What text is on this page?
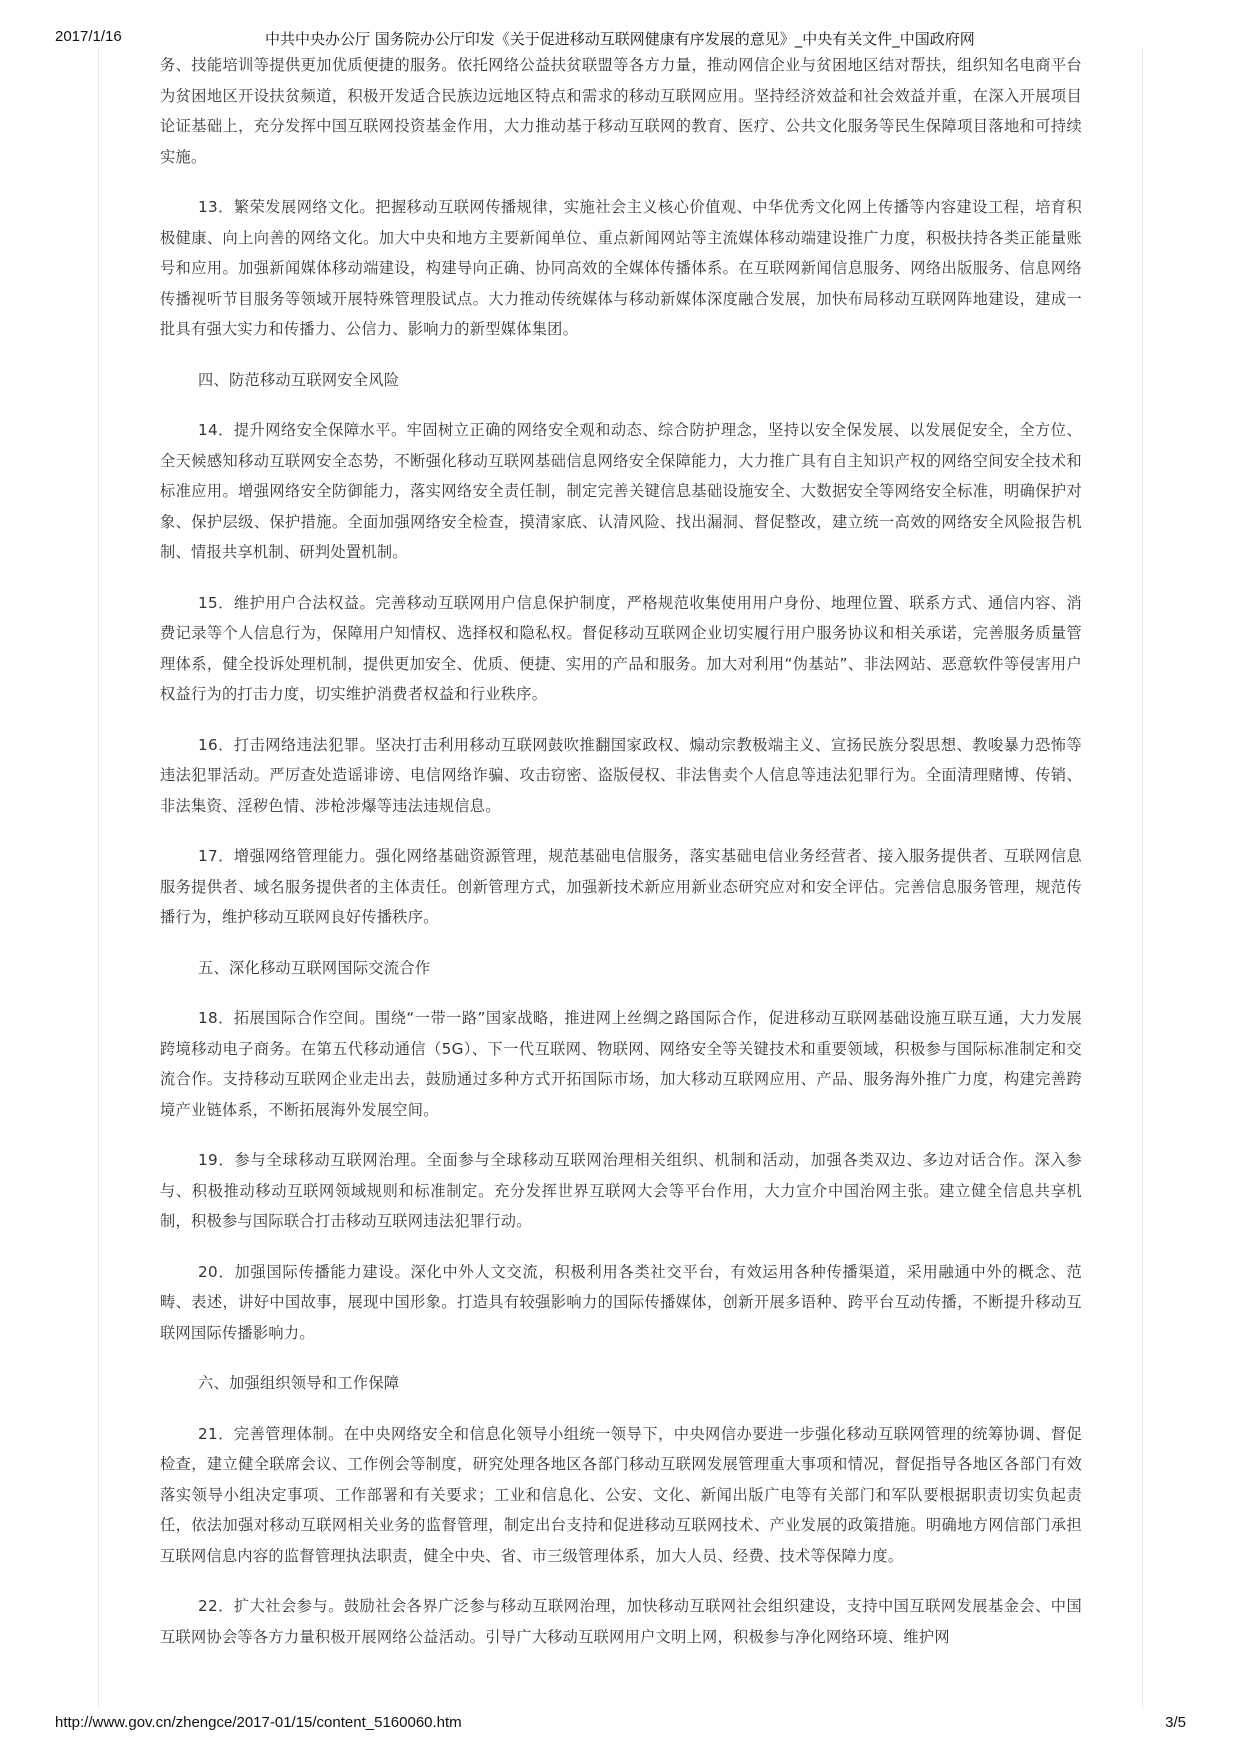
2017/1/16	中共中央办公厅 国务院办公厅印发《关于促进移动互联网健康有序发展的意见》_中央有关文件_中国政府网

务、技能培训等提供更加优质便捷的服务。依托网络公益扶贫联盟等各方力量，推动网信企业与贫困地区结对帮扶，组织知名电商平台为贫困地区开设扶贫频道，积极开发适合民族边远地区特点和需求的移动互联网应用。坚持经济效益和社会效益并重，在深入开展项目论证基础上，充分发挥中国互联网投资基金作用，大力推动基于移动互联网的教育、医疗、公共文化服务等民生保障项目落地和可持续实施。

13．繁荣发展网络文化。把握移动互联网传播规律，实施社会主义核心价值观、中华优秀文化网上传播等内容建设工程，培育积极健康、向上向善的网络文化。加大中央和地方主要新闻单位、重点新闻网站等主流媒体移动端建设推广力度，积极扶持各类正能量账号和应用。加强新闻媒体移动端建设，构建导向正确、协同高效的全媒体传播体系。在互联网新闻信息服务、网络出版服务、信息网络传播视听节目服务等领域开展特殊管理股试点。大力推动传统媒体与移动新媒体深度融合发展，加快布局移动互联网阵地建设，建成一批具有强大实力和传播力、公信力、影响力的新型媒体集团。

四、防范移动互联网安全风险

14．提升网络安全保障水平。牢固树立正确的网络安全观和动态、综合防护理念，坚持以安全保发展、以发展促安全，全方位、全天候感知移动互联网安全态势，不断强化移动互联网基础信息网络安全保障能力，大力推广具有自主知识产权的网络空间安全技术和标准应用。增强网络安全防御能力，落实网络安全责任制，制定完善关键信息基础设施安全、大数据安全等网络安全标准，明确保护对象、保护层级、保护措施。全面加强网络安全检查，摸清家底、认清风险、找出漏洞、督促整改，建立统一高效的网络安全风险报告机制、情报共享机制、研判处置机制。

15．维护用户合法权益。完善移动互联网用户信息保护制度，严格规范收集使用用户身份、地理位置、联系方式、通信内容、消费记录等个人信息行为，保障用户知情权、选择权和隐私权。督促移动互联网企业切实履行用户服务协议和相关承诺，完善服务质量管理体系，健全投诉处理机制，提供更加安全、优质、便捷、实用的产品和服务。加大对利用“伪基站”、非法网站、恶意软件等侵害用户权益行为的打击力度，切实维护消费者权益和行业秩序。

16．打击网络违法犯罪。坚决打击利用移动互联网鼓吹推翻国家政权、煽动宗教极端主义、宣扬民族分裂思想、教唆暴力恐怖等违法犯罪活动。严厉查处造谣诽谤、电信网络诈骗、攻击窃密、盗版侵权、非法售卖个人信息等违法犯罪行为。全面清理赌博、传销、非法集资、淫秽色情、涉枪涉爆等违法违规信息。

17．增强网络管理能力。强化网络基础资源管理，规范基础电信服务，落实基础电信业务经营者、接入服务提供者、互联网信息服务提供者、域名服务提供者的主体责任。创新管理方式，加强新技术新应用新业态研究应对和安全评估。完善信息服务管理，规范传播行为，维护移动互联网良好传播秩序。

五、深化移动互联网国际交流合作

18．拓展国际合作空间。围绕“一带一路”国家战略，推进网上丝绸之路国际合作，促进移动互联网基础设施互联互通，大力发展跨境移动电子商务。在第五代移动通信（5G）、下一代互联网、物联网、网络安全等关键技术和重要领域，积极参与国际标准制定和交流合作。支持移动互联网企业走出去，鼓励通过多种方式开拓国际市场，加大移动互联网应用、产品、服务海外推广力度，构建完善跨境产业链体系，不断拓展海外发展空间。

19．参与全球移动互联网治理。全面参与全球移动互联网治理相关组织、机制和活动，加强各类双边、多边对话合作。深入参与、积极推动移动互联网领域规则和标准制定。充分发挥世界互联网大会等平台作用，大力宣介中国治网主张。建立健全信息共享机制，积极参与国际联合打击移动互联网违法犯罪行动。

20．加强国际传播能力建设。深化中外人文交流，积极利用各类社交平台，有效运用各种传播渠道，采用融通中外的概念、范畴、表述，讲好中国故事，展现中国形象。打造具有较强影响力的国际传播媒体，创新开展多语种、跨平台互动传播，不断提升移动互联网国际传播影响力。

六、加强组织领导和工作保障

21．完善管理体制。在中央网络安全和信息化领导小组统一领导下，中央网信办要进一步强化移动互联网管理的统筹协调、督促检查，建立健全联席会议、工作例会等制度，研究处理各地区各部门移动互联网发展管理重大事项和情况，督促指导各地区各部门有效落实领导小组决定事项、工作部署和有关要求；工业和信息化、公安、文化、新闻出版广电等有关部门和军队要根据职责切实负起责任，依法加强对移动互联网相关业务的监督管理，制定出台支持和促进移动互联网技术、产业发展的政策措施。明确地方网信部门承担互联网信息内容的监督管理执法职责，健全中央、省、市三级管理体系，加大人员、经费、技术等保障力度。

22．扩大社会参与。鼓励社会各界广泛参与移动互联网治理，加快移动互联网社会组织建设，支持中国互联网发展基金会、中国互联网协会等各方力量积极开展网络公益活动。引导广大移动互联网用户文明上网，积极参与净化网络环境、维护网

http://www.gov.cn/zhengce/2017-01/15/content_5160060.htm	3/5
